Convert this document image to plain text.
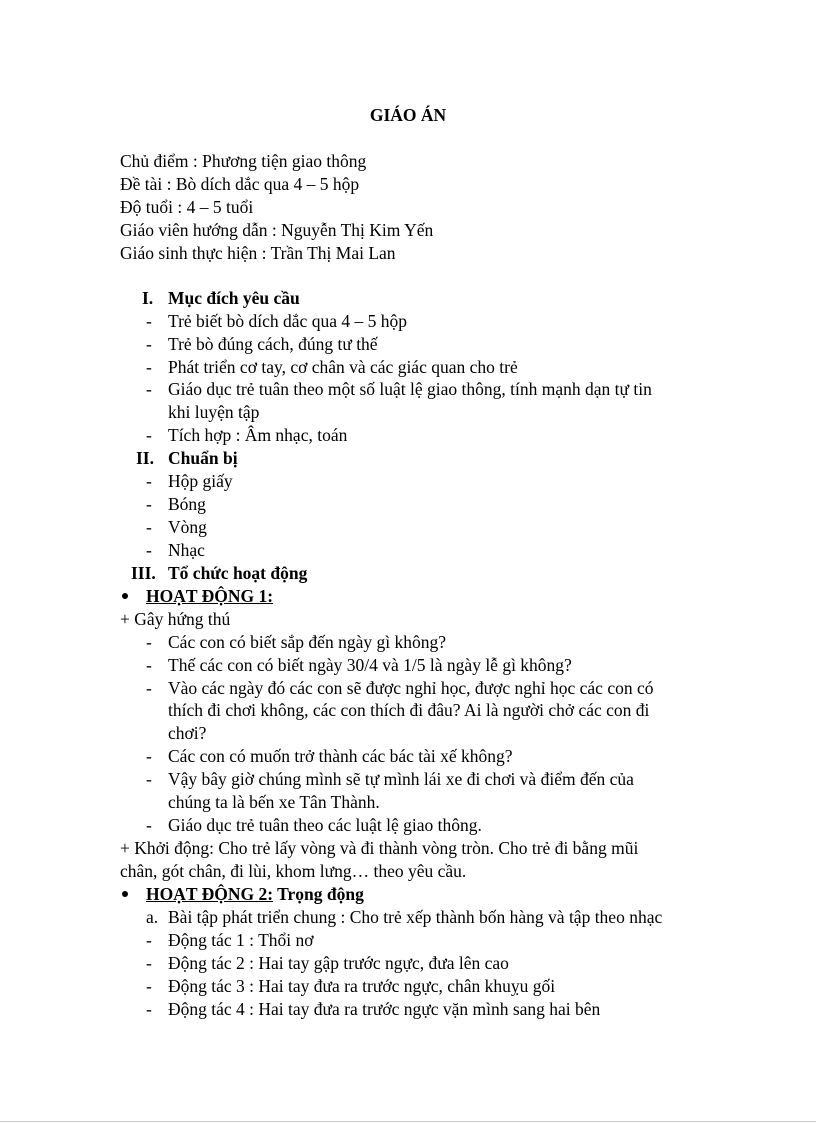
GIÁO ÁN
Chủ điểm : Phương tiện giao thông
Đề tài : Bò dích dắc qua 4 – 5 hộp
Độ tuổi : 4 – 5 tuổi
Giáo viên hướng dẫn : Nguyễn Thị Kim Yến
Giáo sinh thực hiện : Trần Thị Mai Lan
I. Mục đích yêu cầu
- Trẻ biết bò dích dắc qua 4 – 5 hộp
- Trẻ bò đúng cách, đúng tư thế
- Phát triển cơ tay, cơ chân và các giác quan cho trẻ
- Giáo dục trẻ tuân theo một số luật lệ giao thông, tính mạnh dạn tự tin
khi luyện tập
- Tích hợp : Âm nhạc, toán
II. Chuẩn bị
- Hộp giấy
- Bóng
- Vòng
- Nhạc
III. Tổ chức hoạt động
HOẠT ĐỘNG 1:
+ Gây hứng thú
- Các con có biết sắp đến ngày gì không?
- Thế các con có biết ngày 30/4 và 1/5 là ngày lễ gì không?
- Vào các ngày đó các con sẽ được nghỉ học, được nghỉ học các con có
thích đi chơi không, các con thích đi đâu? Ai là người chở các con đi
chơi?
- Các con có muốn trở thành các bác tài xế không?
- Vậy bây giờ chúng mình sẽ tự mình lái xe đi chơi và điểm đến của
chúng ta là bến xe Tân Thành.
- Giáo dục trẻ tuân theo các luật lệ giao thông.
+ Khởi động: Cho trẻ lấy vòng và đi thành vòng tròn. Cho trẻ đi bằng mũi
chân, gót chân, đi lùi, khom lưng… theo yêu cầu.
HOẠT ĐỘNG 2: Trọng động
a. Bài tập phát triển chung : Cho trẻ xếp thành bốn hàng và tập theo nhạc
- Động tác 1 : Thổi nơ
- Động tác 2 : Hai tay gập trước ngực, đưa lên cao
- Động tác 3 : Hai tay đưa ra trước ngực, chân khuỵu gối
- Động tác 4 : Hai tay đưa ra trước ngực vặn mình sang hai bên
